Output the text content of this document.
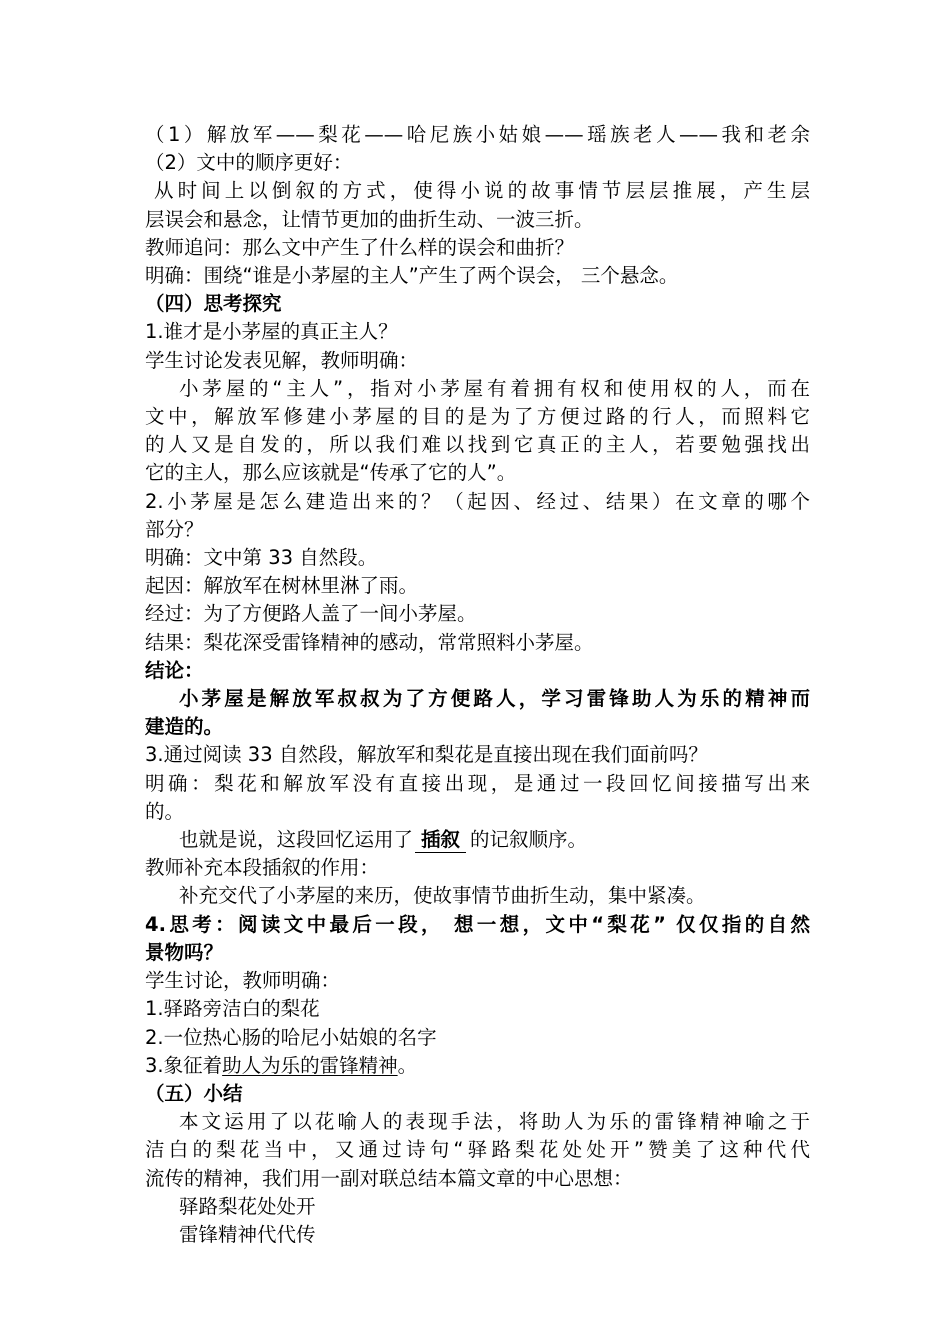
（1）解放军——梨花——哈尼族小姑娘——瑶族老人——我和老余
（2）文中的顺序更好：
从时间上以倒叙的方式，使得小说的故事情节层层推展，产生层
层误会和悬念，让情节更加的曲折生动、一波三折。
教师追问：那么文中产生了什么样的误会和曲折？
明确：围绕“谁是小茅屋的主人”产生了两个误会， 三个悬念。
（四）思考探究
1.谁才是小茅屋的真正主人？
学生讨论发表见解，教师明确：
小茅屋的“主人”，指对小茅屋有着拥有权和使用权的人，而在
文中，解放军修建小茅屋的目的是为了方便过路的行人，而照料它
的人又是自发的，所以我们难以找到它真正的主人，若要勉强找出
它的主人，那么应该就是“传承了它的人”。
2.小茅屋是怎么建造出来的？（起因、经过、结果）在文章的哪个
部分？
明确：文中第 33 自然段。
起因：解放军在树林里淋了雨。
经过：为了方便路人盖了一间小茅屋。
结果：梨花深受雷锋精神的感动，常常照料小茅屋。
结论：
小茅屋是解放军叔叔为了方便路人，学习雷锋助人为乐的精神而
建造的。
3.通过阅读 33 自然段，解放军和梨花是直接出现在我们面前吗？
明确：梨花和解放军没有直接出现，是通过一段回忆间接描写出来
的。
也就是说，这段回忆运用了 插叙 的记叙顺序。
教师补充本段插叙的作用：
补充交代了小茅屋的来历，使故事情节曲折生动，集中紧凑。
4.思考：阅读文中最后一段， 想一想，文中“梨花” 仅仅指的自然
景物吗？
学生讨论，教师明确：
1.驿路旁洁白的梨花
2.一位热心肠的哈尼小姑娘的名字
3.象征着助人为乐的雷锋精神。
（五）小结
本文运用了以花喻人的表现手法，将助人为乐的雷锋精神喻之于
洁白的梨花当中，又通过诗句“驿路梨花处处开”赞美了这种代代
流传的精神，我们用一副对联总结本篇文章的中心思想：
驿路梨花处处开
雷锋精神代代传
